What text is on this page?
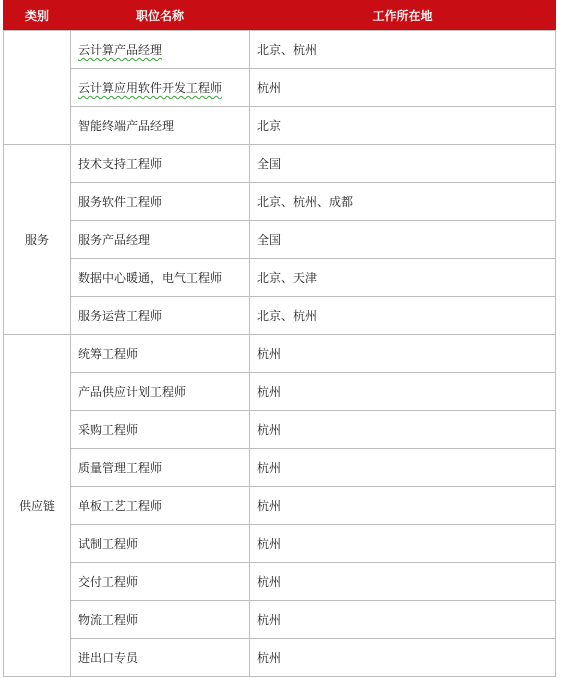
类别	职位名称	工作所在地
	云计算产品经理	北京、杭州
	云计算应用软件开发工程师	杭州
	智能终端产品经理	北京
服务	技术支持工程师	全国
	服务软件工程师	北京、杭州、成都
	服务产品经理	全国
	数据中心暖通，电气工程师	北京、天津
	服务运营工程师	北京、杭州
供应链	统筹工程师	杭州
	产品供应计划工程师	杭州
	采购工程师	杭州
	质量管理工程师	杭州
	单板工艺工程师	杭州
	试制工程师	杭州
	交付工程师	杭州
	物流工程师	杭州
	进出口专员	杭州
